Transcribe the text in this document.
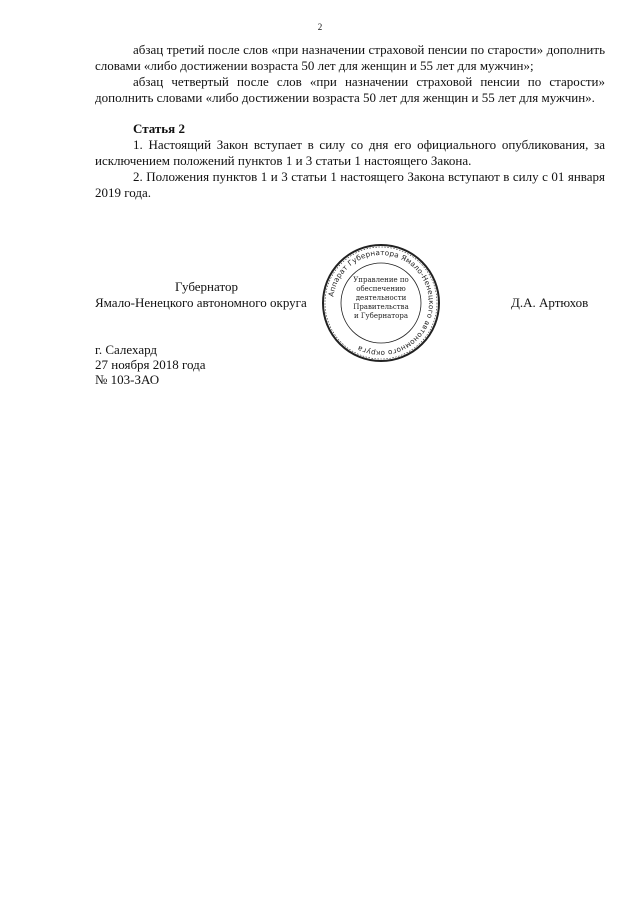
2

абзац третий после слов «при назначении страховой пенсии по старости» дополнить словами «либо достижении возраста 50 лет для женщин и 55 лет для мужчин»;

абзац четвертый после слов «при назначении страховой пенсии по старости» дополнить словами «либо достижении возраста 50 лет для женщин и 55 лет для мужчин».

Статья 2

1. Настоящий Закон вступает в силу со дня его официального опубликования, за исключением положений пунктов 1 и 3 статьи 1 настоящего Закона.

2. Положения пунктов 1 и 3 статьи 1 настоящего Закона вступают в силу с 01 января 2019 года.

Губернатор
Ямало-Ненецкого автономного округа	Д.А. Артюхов
Аппарат Губернатора Ямало-Ненецкого автономного округа
Управление по
обеспечению
деятельности
Правительства
и Губернатора
г. Салехард
27 ноября 2018 года
№ 103-ЗАО
